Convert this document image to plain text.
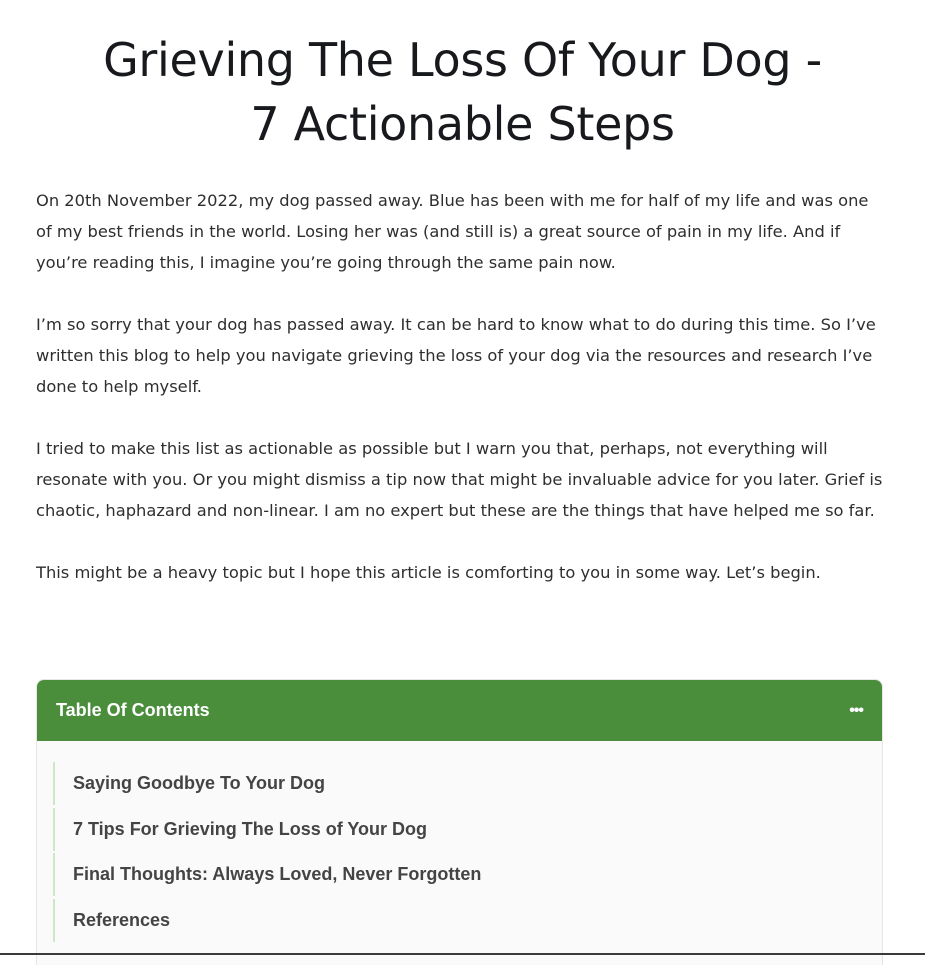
Grieving The Loss Of Your Dog -
7 Actionable Steps

On 20th November 2022, my dog passed away. Blue has been with me for half of my life and was one of my best friends in the world. Losing her was (and still is) a great source of pain in my life. And if you’re reading this, I imagine you’re going through the same pain now.

I’m so sorry that your dog has passed away. It can be hard to know what to do during this time. So I’ve written this blog to help you navigate grieving the loss of your dog via the resources and research I’ve done to help myself.

I tried to make this list as actionable as possible but I warn you that, perhaps, not everything will resonate with you. Or you might dismiss a tip now that might be invaluable advice for you later. Grief is chaotic, haphazard and non-linear. I am no expert but these are the things that have helped me so far.

This might be a heavy topic but I hope this article is comforting to you in some way. Let’s begin.

Table Of Contents	•••
Saying Goodbye To Your Dog
7 Tips For Grieving The Loss of Your Dog
Final Thoughts: Always Loved, Never Forgotten
References
